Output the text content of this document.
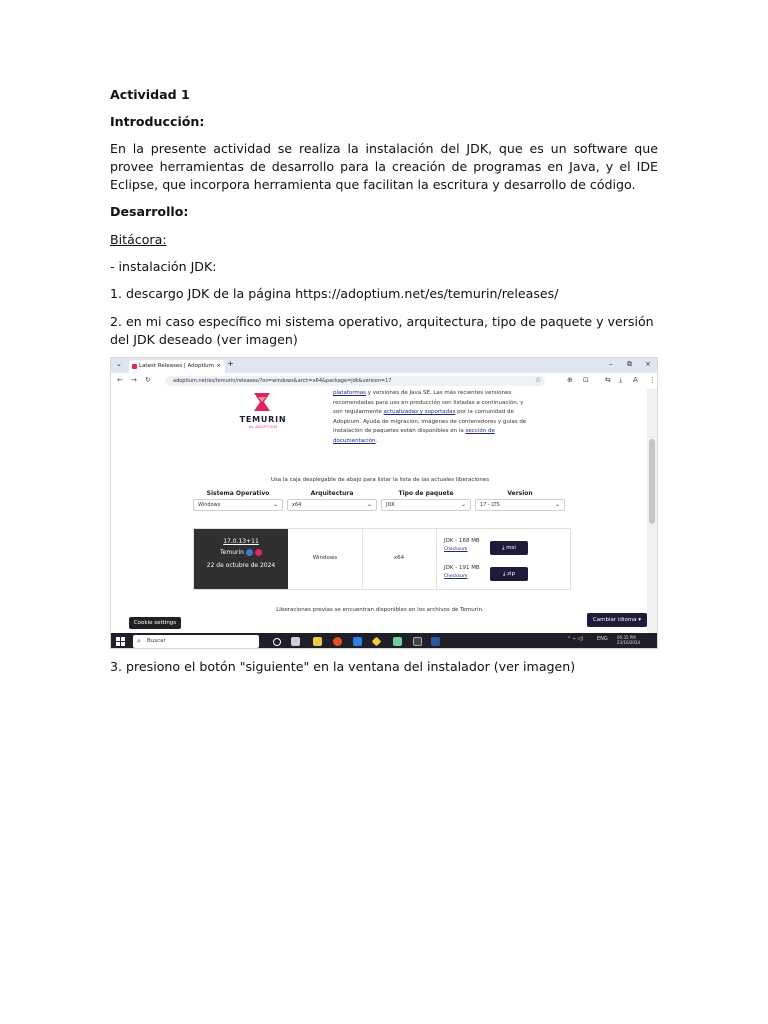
Actividad 1

Introducción:

En la presente actividad se realiza la instalación del JDK, que es un software que provee herramientas de desarrollo para la creación de programas en Java, y el IDE Eclipse, que incorpora herramienta que facilitan la escritura y desarrollo de código.

Desarrollo:

Bitácora:

- instalación JDK:

1. descargo JDK de la página https://adoptium.net/es/temurin/releases/

2. en mi caso específico mi sistema operativo, arquitectura, tipo de paquete y versión del JDK deseado (ver imagen)

⌄	Latest Releases | Adoptium × +	– ⧉ ×
← → ↻	adoptium.net/es/temurin/releases/?os=windows&arch=x64&package=jdk&version=17	☆	⊕ ⊡ ⇆ ⤓ A ⋮
TEMURIN
by ADOPTIUM
plataformas y versiones de Java SE. Las más recientes versiones recomendadas para uso en producción son listadas a continuación, y son regularmente actualizadas y soportadas por la comunidad de Adoptium. Ayuda de migración, imágenes de contenedores y guías de instalación de paquetes están disponibles en la sección de documentación.
Usa la caja desplegable de abajo para listar la lista de las actuales liberaciones
Sistema Operativo	Arquitectura	Tipo de paquete	Version
Windows	⌄	x64	⌄	JDK	⌄	17 - LTS	⌄
17.0.13+11
Temurin
22 de octubre de 2024
Windows	x64
JDK - 168 MB
Checksum	⤓ msi
JDK - 191 MB
Checksum	⤓ zip
Liberaciones previas se encuentran disponibles en los archivos de Temurin.
Cambiar idioma ▾
Cookie settings
⌕ Buscar	⌃ ⌁ ◁)	ENG 06:35 PM
23/10/2024

3. presiono el botón "siguiente" en la ventana del instalador (ver imagen)
